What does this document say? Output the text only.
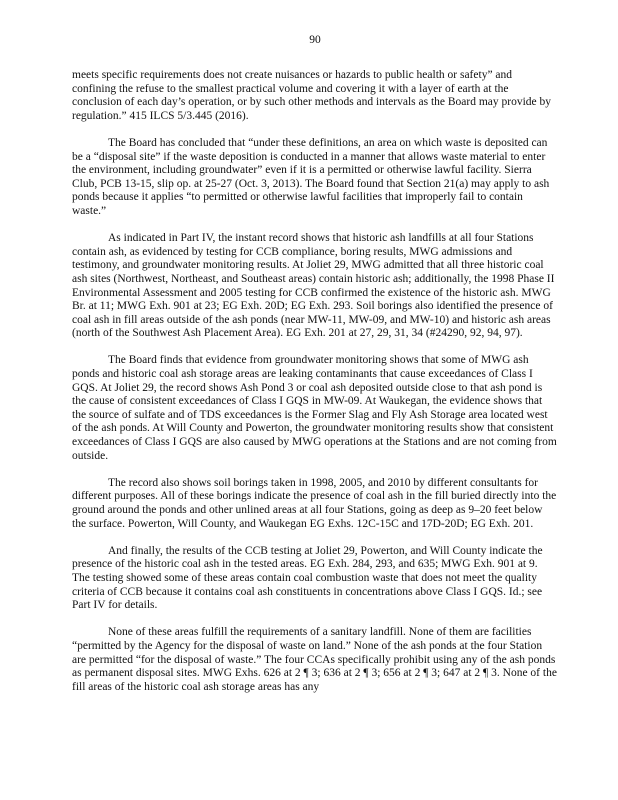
90

meets specific requirements does not create nuisances or hazards to public health or safety” and confining the refuse to the smallest practical volume and covering it with a layer of earth at the conclusion of each day’s operation, or by such other methods and intervals as the Board may provide by regulation.” 415 ILCS 5/3.445 (2016).

The Board has concluded that “under these definitions, an area on which waste is deposited can be a “disposal site” if the waste deposition is conducted in a manner that allows waste material to enter the environment, including groundwater” even if it is a permitted or otherwise lawful facility. Sierra Club, PCB 13-15, slip op. at 25-27 (Oct. 3, 2013). The Board found that Section 21(a) may apply to ash ponds because it applies “to permitted or otherwise lawful facilities that improperly fail to contain waste.”

As indicated in Part IV, the instant record shows that historic ash landfills at all four Stations contain ash, as evidenced by testing for CCB compliance, boring results, MWG admissions and testimony, and groundwater monitoring results. At Joliet 29, MWG admitted that all three historic coal ash sites (Northwest, Northeast, and Southeast areas) contain historic ash; additionally, the 1998 Phase II Environmental Assessment and 2005 testing for CCB confirmed the existence of the historic ash. MWG Br. at 11; MWG Exh. 901 at 23; EG Exh. 20D; EG Exh. 293. Soil borings also identified the presence of coal ash in fill areas outside of the ash ponds (near MW-11, MW-09, and MW-10) and historic ash areas (north of the Southwest Ash Placement Area). EG Exh. 201 at 27, 29, 31, 34 (#24290, 92, 94, 97).

The Board finds that evidence from groundwater monitoring shows that some of MWG ash ponds and historic coal ash storage areas are leaking contaminants that cause exceedances of Class I GQS. At Joliet 29, the record shows Ash Pond 3 or coal ash deposited outside close to that ash pond is the cause of consistent exceedances of Class I GQS in MW-09. At Waukegan, the evidence shows that the source of sulfate and of TDS exceedances is the Former Slag and Fly Ash Storage area located west of the ash ponds. At Will County and Powerton, the groundwater monitoring results show that consistent exceedances of Class I GQS are also caused by MWG operations at the Stations and are not coming from outside.

The record also shows soil borings taken in 1998, 2005, and 2010 by different consultants for different purposes. All of these borings indicate the presence of coal ash in the fill buried directly into the ground around the ponds and other unlined areas at all four Stations, going as deep as 9–20 feet below the surface. Powerton, Will County, and Waukegan EG Exhs. 12C-15C and 17D-20D; EG Exh. 201.

And finally, the results of the CCB testing at Joliet 29, Powerton, and Will County indicate the presence of the historic coal ash in the tested areas. EG Exh. 284, 293, and 635; MWG Exh. 901 at 9. The testing showed some of these areas contain coal combustion waste that does not meet the quality criteria of CCB because it contains coal ash constituents in concentrations above Class I GQS. Id.; see Part IV for details.

None of these areas fulfill the requirements of a sanitary landfill. None of them are facilities “permitted by the Agency for the disposal of waste on land.” None of the ash ponds at the four Station are permitted “for the disposal of waste.” The four CCAs specifically prohibit using any of the ash ponds as permanent disposal sites. MWG Exhs. 626 at 2 ¶ 3; 636 at 2 ¶ 3; 656 at 2 ¶ 3; 647 at 2 ¶ 3. None of the fill areas of the historic coal ash storage areas has any
